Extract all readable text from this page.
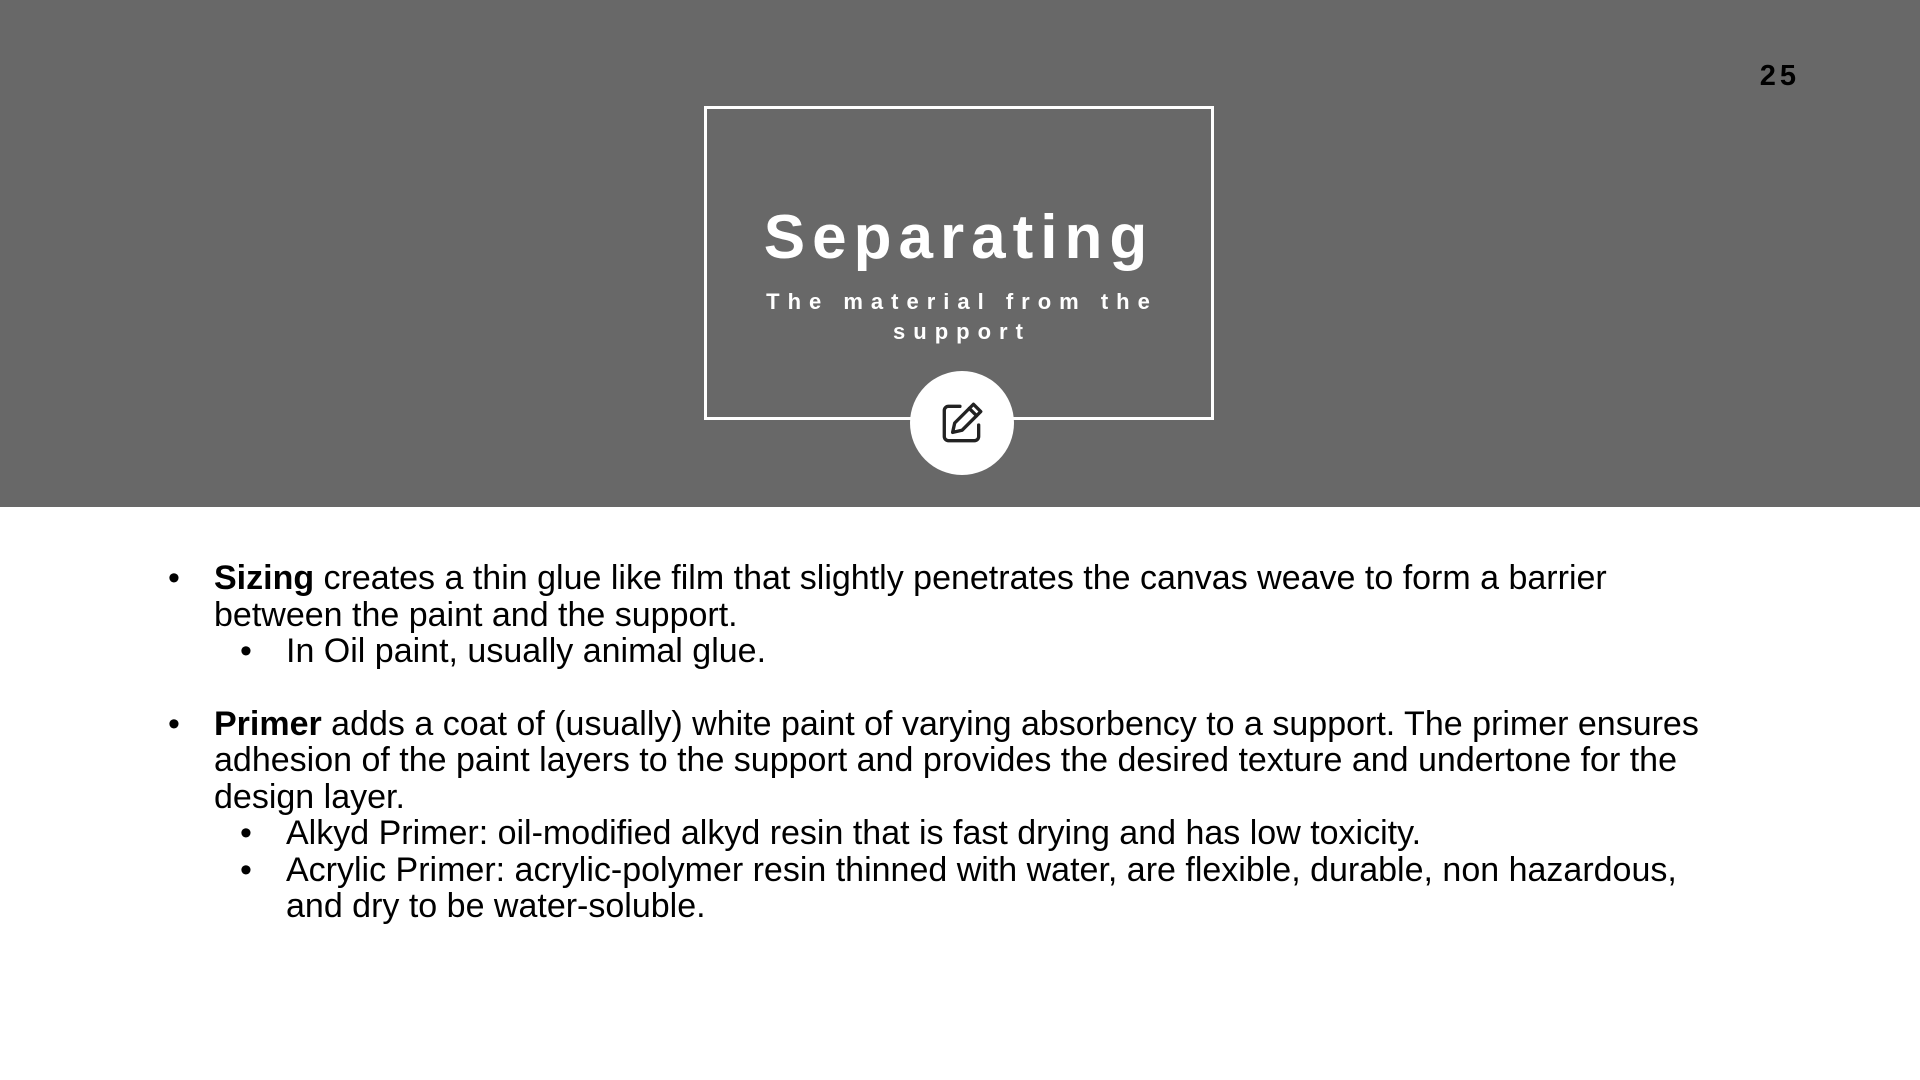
25
Separating
The material from the support
• Sizing creates a thin glue like film that slightly penetrates the canvas weave to form a barrier between the paint and the support.
• In Oil paint, usually animal glue.
• Primer adds a coat of (usually) white paint of varying absorbency to a support. The primer ensures adhesion of the paint layers to the support and provides the desired texture and undertone for the design layer.
• Alkyd Primer: oil-modified alkyd resin that is fast drying and has low toxicity.
• Acrylic Primer: acrylic-polymer resin thinned with water, are flexible, durable, non hazardous, and dry to be water-soluble.
